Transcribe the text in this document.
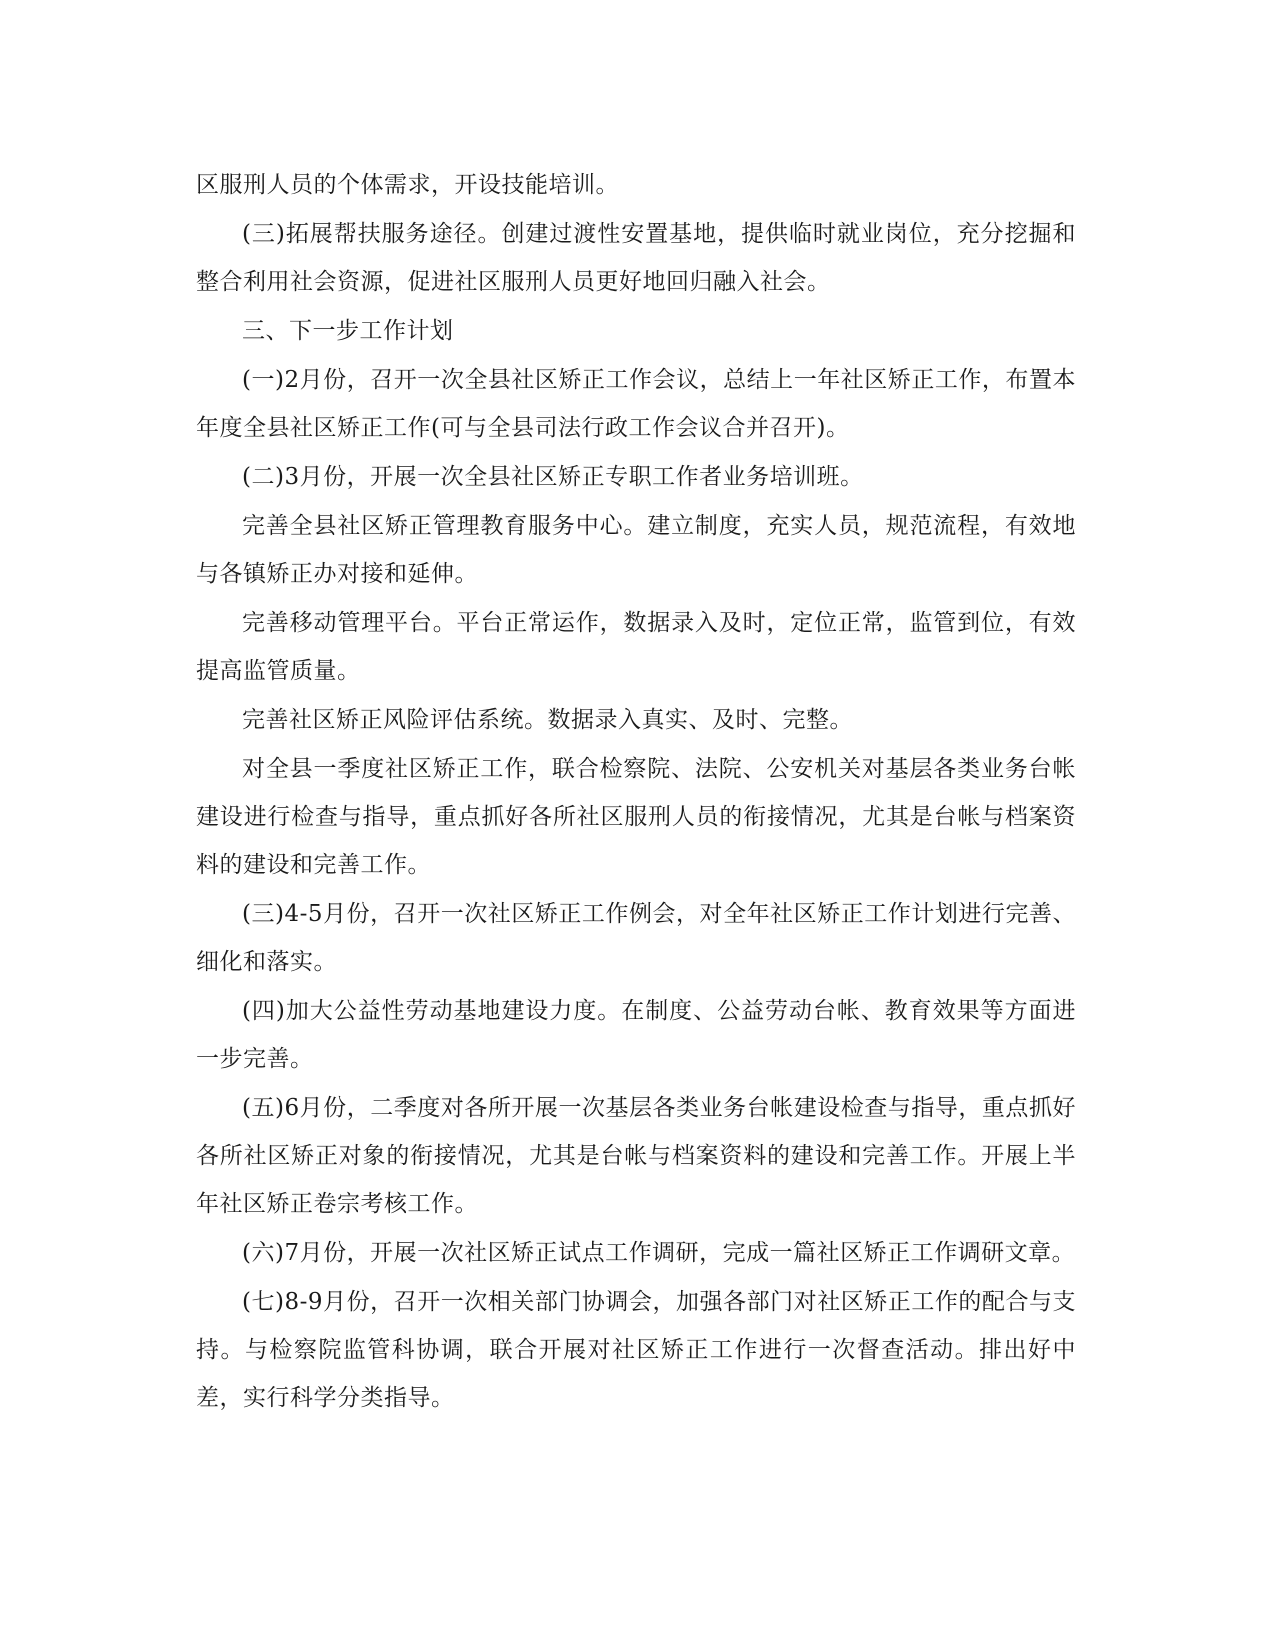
区服刑人员的个体需求，开设技能培训。

(三)拓展帮扶服务途径。创建过渡性安置基地，提供临时就业岗位，充分挖掘和整合利用社会资源，促进社区服刑人员更好地回归融入社会。

三、下一步工作计划

(一)2月份，召开一次全县社区矫正工作会议，总结上一年社区矫正工作，布置本年度全县社区矫正工作(可与全县司法行政工作会议合并召开)。

(二)3月份，开展一次全县社区矫正专职工作者业务培训班。

完善全县社区矫正管理教育服务中心。建立制度，充实人员，规范流程，有效地与各镇矫正办对接和延伸。

完善移动管理平台。平台正常运作，数据录入及时，定位正常，监管到位，有效提高监管质量。

完善社区矫正风险评估系统。数据录入真实、及时、完整。

对全县一季度社区矫正工作，联合检察院、法院、公安机关对基层各类业务台帐建设进行检查与指导，重点抓好各所社区服刑人员的衔接情况，尤其是台帐与档案资料的建设和完善工作。

(三)4-5月份，召开一次社区矫正工作例会，对全年社区矫正工作计划进行完善、细化和落实。

(四)加大公益性劳动基地建设力度。在制度、公益劳动台帐、教育效果等方面进一步完善。

(五)6月份，二季度对各所开展一次基层各类业务台帐建设检查与指导，重点抓好各所社区矫正对象的衔接情况，尤其是台帐与档案资料的建设和完善工作。开展上半年社区矫正卷宗考核工作。

(六)7月份，开展一次社区矫正试点工作调研，完成一篇社区矫正工作调研文章。

(七)8-9月份，召开一次相关部门协调会，加强各部门对社区矫正工作的配合与支持。与检察院监管科协调，联合开展对社区矫正工作进行一次督查活动。排出好中差，实行科学分类指导。
